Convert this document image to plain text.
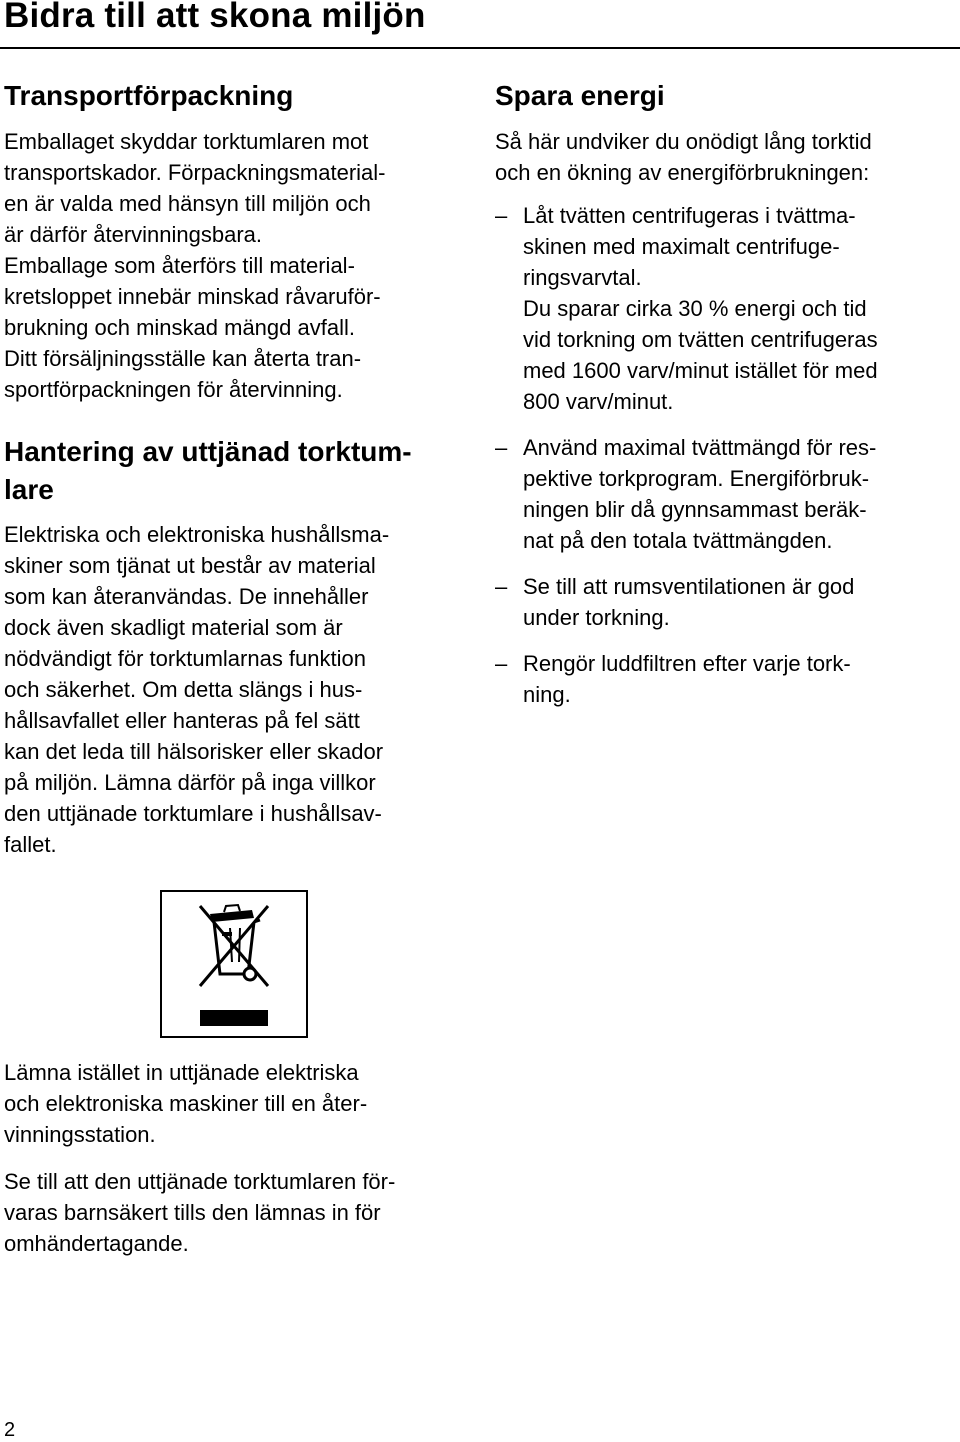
Bidra till att skona miljön
Transportförpackning

Emballaget skyddar torktumlaren mot
transportskador. Förpackningsmaterial-
en är valda med hänsyn till miljön och
är därför återvinningsbara.
Emballage som återförs till material-
kretsloppet innebär minskad råvaruför-
brukning och minskad mängd avfall.
Ditt försäljningsställe kan återta tran-
sportförpackningen för återvinning.

Hantering av uttjänad torktum-
lare

Elektriska och elektroniska hushållsma-
skiner som tjänat ut består av material
som kan återanvändas. De innehåller
dock även skadligt material som är
nödvändigt för torktumlarnas funktion
och säkerhet. Om detta slängs i hus-
hållsavfallet eller hanteras på fel sätt
kan det leda till hälsorisker eller skador
på miljön. Lämna därför på inga villkor
den uttjänade torktumlare i hushållsav-
fallet.

Lämna istället in uttjänade elektriska
och elektroniska maskiner till en åter-
vinningsstation.

Se till att den uttjänade torktumlaren för-
varas barnsäkert tills den lämnas in för
omhändertagande.

Spara energi

Så här undviker du onödigt lång torktid
och en ökning av energiförbrukningen:

– Låt tvätten centrifugeras i tvättma-
skinen med maximalt centrifuge-
ringsvarvtal.
Du sparar cirka 30 % energi och tid
vid torkning om tvätten centrifugeras
med 1600 varv/minut istället för med
800 varv/minut.
– Använd maximal tvättmängd för res-
pektive torkprogram. Energiförbruk-
ningen blir då gynnsammast beräk-
nat på den totala tvättmängden.
– Se till att rumsventilationen är god
under torkning.
– Rengör luddfiltren efter varje tork-
ning.
2
